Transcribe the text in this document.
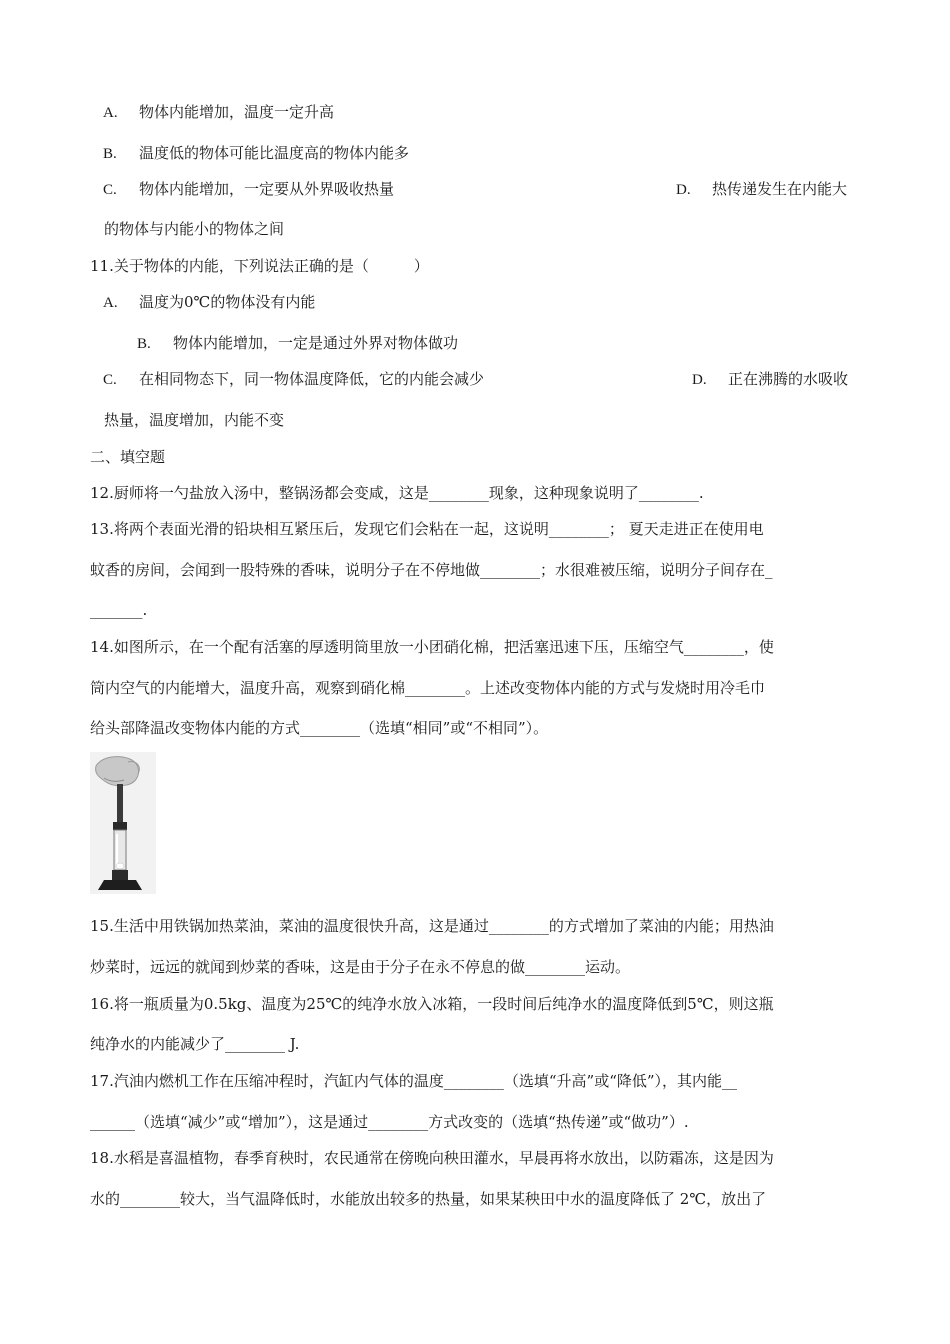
A. 物体内能增加，温度一定升高
B. 温度低的物体可能比温度高的物体内能多
C. 物体内能增加，一定要从外界吸收热量	D. 热传递发生在内能大
的物体与内能小的物体之间
11.关于物体的内能，下列说法正确的是（　　　）
A. 温度为0℃的物体没有内能
B. 物体内能增加，一定是通过外界对物体做功
C. 在相同物态下，同一物体温度降低，它的内能会减少	D. 正在沸腾的水吸收
热量，温度增加，内能不变
二、填空题
12.厨师将一勺盐放入汤中，整锅汤都会变咸，这是________现象，这种现象说明了________.
13.将两个表面光滑的铅块相互紧压后，发现它们会粘在一起，这说明________； 夏天走进正在使用电
蚊香的房间，会闻到一股特殊的香味，说明分子在不停地做________；水很难被压缩，说明分子间存在_
_______.
14.如图所示，在一个配有活塞的厚透明筒里放一小团硝化棉，把活塞迅速下压，压缩空气________，使
筒内空气的内能增大，温度升高，观察到硝化棉________。上述改变物体内能的方式与发烧时用冷毛巾
给头部降温改变物体内能的方式________（选填“相同”或“不相同”）。
15.生活中用铁锅加热菜油，菜油的温度很快升高，这是通过________的方式增加了菜油的内能；用热油
炒菜时，远远的就闻到炒菜的香味，这是由于分子在永不停息的做________运动。
16.将一瓶质量为0.5kg、温度为25℃的纯净水放入冰箱，一段时间后纯净水的温度降低到5℃，则这瓶
纯净水的内能减少了________ J.
17.汽油内燃机工作在压缩冲程时，汽缸内气体的温度________（选填“升高”或“降低”），其内能__
______（选填“减少”或“增加”），这是通过________方式改变的（选填“热传递”或“做功”）.
18.水稻是喜温植物，春季育秧时，农民通常在傍晚向秧田灌水，早晨再将水放出，以防霜冻，这是因为
水的________较大，当气温降低时，水能放出较多的热量，如果某秧田中水的温度降低了 2℃，放出了
